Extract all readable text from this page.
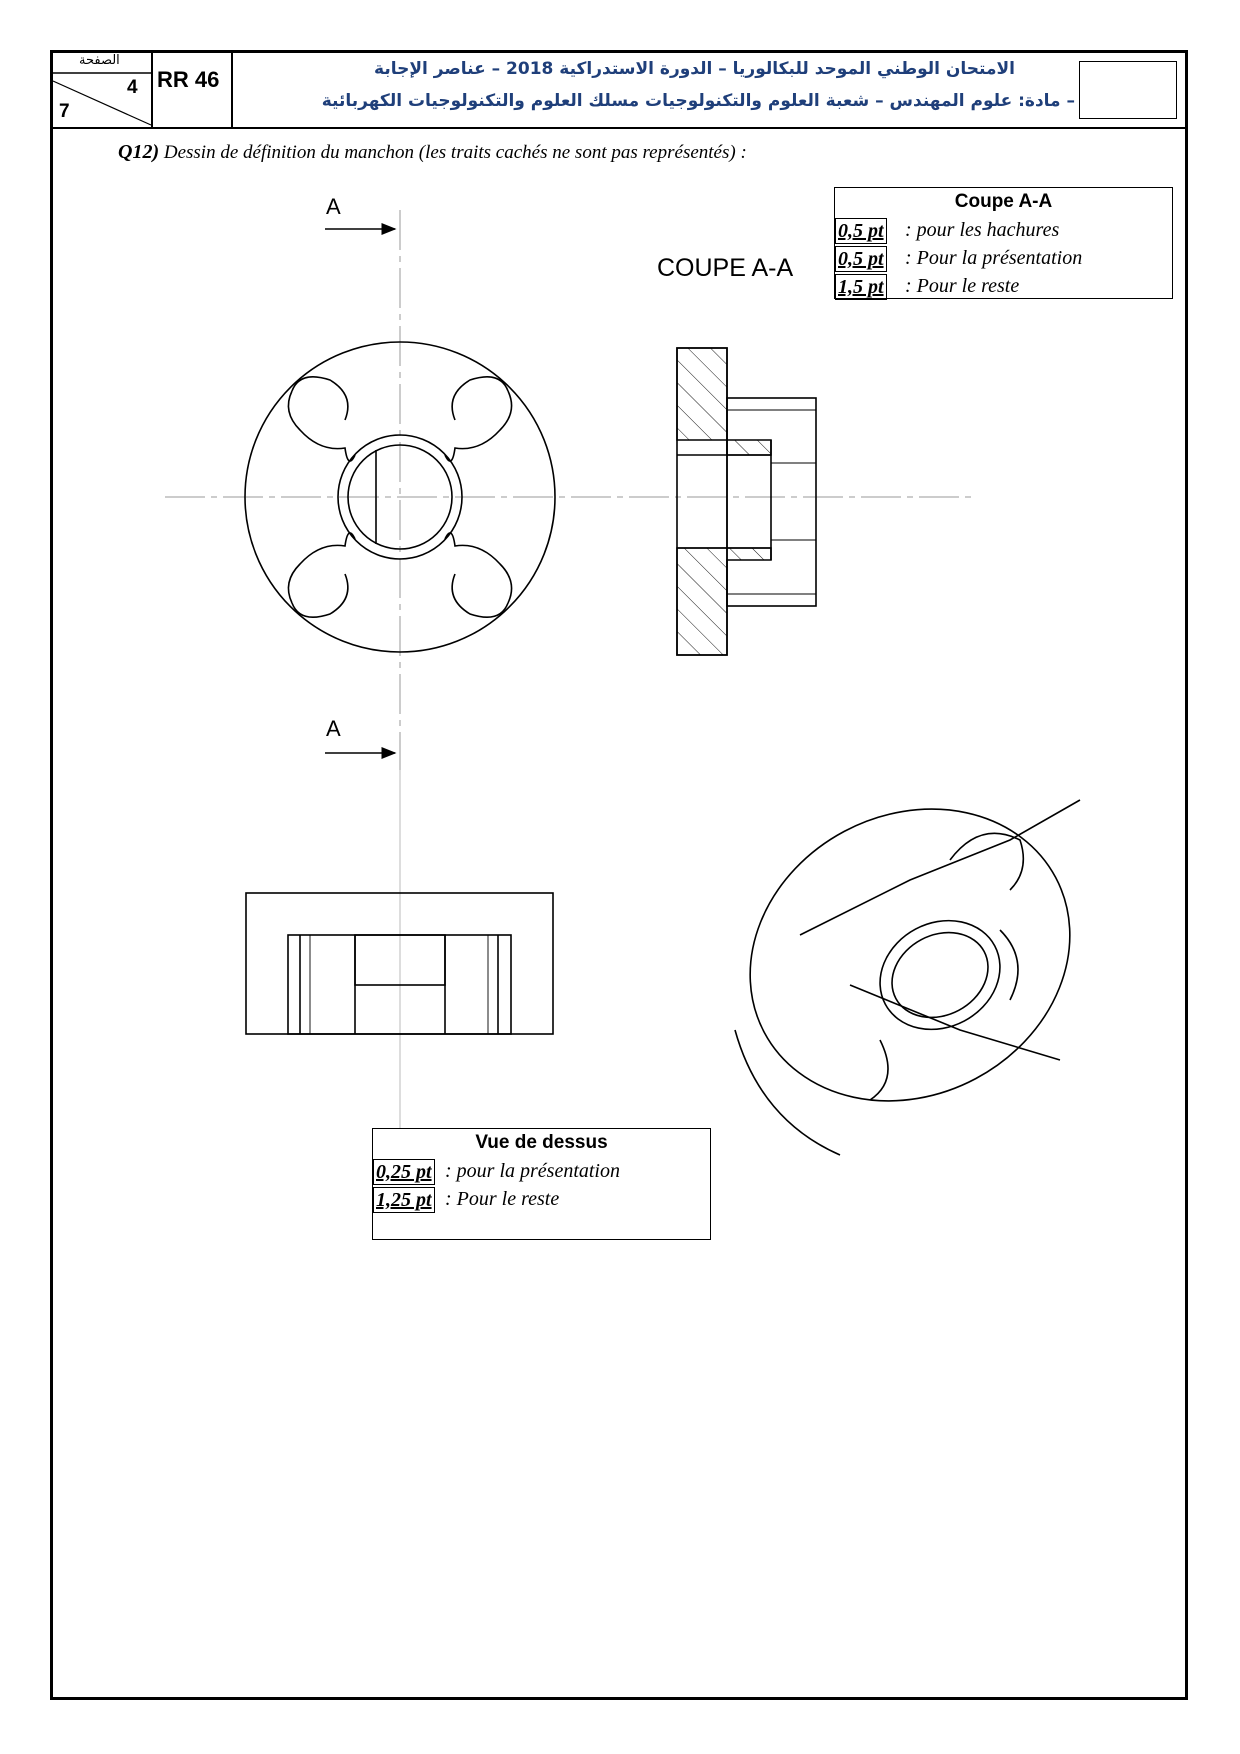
الصفحة
4
7
RR 46	الامتحان الوطني الموحد للبكالوريا – الدورة الاستدراكية 2018 – عناصر الإجابة
– مادة: علوم المهندس – شعبة العلوم والتكنولوجيات مسلك العلوم والتكنولوجيات الكهربائية
Q12) Dessin de définition du manchon (les traits cachés ne sont pas représentés) :
A
A
COUPE A-A
Coupe A-A
0,5 pt : pour les hachures
0,5 pt : Pour la présentation
1,5 pt : Pour le reste
Vue de dessus
0,25 pt : pour la présentation
1,25 pt : Pour le reste
